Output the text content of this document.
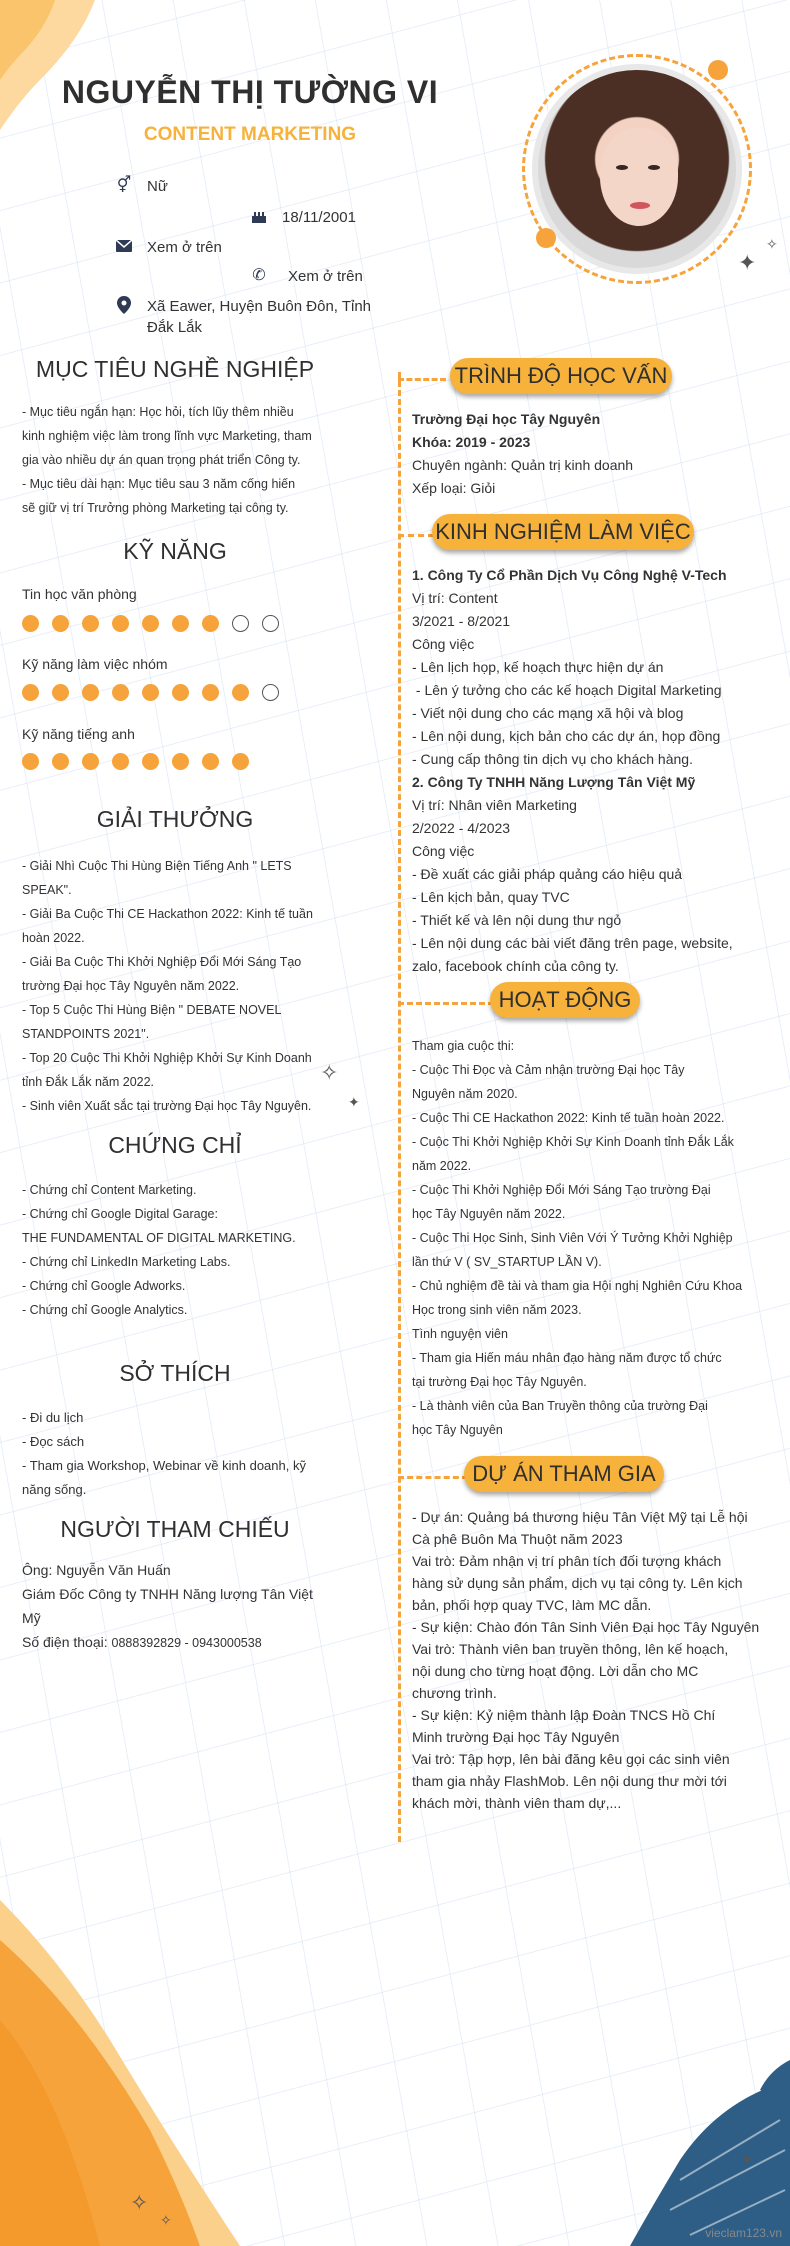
✦
✧
✧
✦
✦
✧
✧
NGUYỄN THỊ TƯỜNG VI
CONTENT MARKETING
⚥ Nữ
18/11/2001
Xem ở trên
✆ Xem ở trên
Xã Eawer, Huyện Buôn Đôn, Tỉnh Đắk Lắk
MỤC TIÊU NGHỀ NGHIỆP
- Mục tiêu ngắn hạn: Học hỏi, tích lũy thêm nhiều
kinh nghiệm việc làm trong lĩnh vực Marketing, tham
gia vào nhiều dự án quan trọng phát triển Công ty.
- Mục tiêu dài hạn: Mục tiêu sau 3 năm cống hiến
sẽ giữ vị trí Trưởng phòng Marketing tại công ty.
KỸ NĂNG
Tin học văn phòng
Kỹ năng làm việc nhóm
Kỹ năng tiếng anh
GIẢI THƯỞNG
- Giải Nhì Cuộc Thi Hùng Biện Tiếng Anh " LETS
SPEAK".
- Giải Ba Cuộc Thi CE Hackathon 2022: Kinh tế tuần
hoàn 2022.
- Giải Ba Cuộc Thi Khởi Nghiệp Đổi Mới Sáng Tạo
trường Đại học Tây Nguyên năm 2022.
- Top 5 Cuộc Thi Hùng Biện " DEBATE NOVEL
STANDPOINTS 2021".
- Top 20 Cuộc Thi Khởi Nghiệp Khởi Sự Kinh Doanh
tỉnh Đắk Lắk năm 2022.
- Sinh viên Xuất sắc tại trường Đại học Tây Nguyên.
CHỨNG CHỈ
- Chứng chỉ Content Marketing.
- Chứng chỉ Google Digital Garage:
THE FUNDAMENTAL OF DIGITAL MARKETING.
- Chứng chỉ LinkedIn Marketing Labs.
- Chứng chỉ Google Adworks.
- Chứng chỉ Google Analytics.
SỞ THÍCH
- Đi du lịch
- Đọc sách
- Tham gia Workshop, Webinar về kinh doanh, kỹ
năng sống.
NGƯỜI THAM CHIẾU
Ông: Nguyễn Văn Huấn
Giám Đốc Công ty TNHH Năng lượng Tân Việt
Mỹ
Số điện thoại: 0888392829 - 0943000538
TRÌNH ĐỘ HỌC VẤN
Trường Đại học Tây Nguyên
Khóa: 2019 - 2023
Chuyên ngành: Quản trị kinh doanh
Xếp loại: Giỏi
KINH NGHIỆM LÀM VIỆC
1. Công Ty Cổ Phần Dịch Vụ Công Nghệ V-Tech
Vị trí: Content
3/2021 - 8/2021
Công việc
- Lên lịch họp, kế hoạch thực hiện dự án
- Lên ý tưởng cho các kế hoạch Digital Marketing
- Viết nội dung cho các mạng xã hội và blog
- Lên nội dung, kịch bản cho các dự án, họp đồng
- Cung cấp thông tin dịch vụ cho khách hàng.
2. Công Ty TNHH Năng Lượng Tân Việt Mỹ
Vị trí: Nhân viên Marketing
2/2022 - 4/2023
Công việc
- Đề xuất các giải pháp quảng cáo hiệu quả
- Lên kịch bản, quay TVC
- Thiết kế và lên nội dung thư ngỏ
- Lên nội dung các bài viết đăng trên page, website,
zalo, facebook chính của công ty.
HOẠT ĐỘNG
Tham gia cuộc thi:
- Cuộc Thi Đọc và Cảm nhận trường Đại học Tây
Nguyên năm 2020.
- Cuộc Thi CE Hackathon 2022: Kinh tế tuần hoàn 2022.
- Cuộc Thi Khởi Nghiệp Khởi Sự Kinh Doanh tỉnh Đắk Lắk
năm 2022.
- Cuộc Thi Khởi Nghiệp Đổi Mới Sáng Tạo trường Đại
học Tây Nguyên năm 2022.
- Cuộc Thi Học Sinh, Sinh Viên Với Ý Tưởng Khởi Nghiệp
lần thứ V ( SV_STARTUP LẦN V).
- Chủ nghiệm đề tài và tham gia Hội nghị Nghiên Cứu Khoa
Học trong sinh viên năm 2023.
Tình nguyện viên
- Tham gia Hiến máu nhân đạo hàng năm được tổ chức
tại trường Đại học Tây Nguyên.
- Là thành viên của Ban Truyền thông của trường Đại
học Tây Nguyên
DỰ ÁN THAM GIA
- Dự án: Quảng bá thương hiệu Tân Việt Mỹ tại Lễ hội
Cà phê Buôn Ma Thuột năm 2023
Vai trò: Đảm nhận vị trí phân tích đối tượng khách
hàng sử dụng sản phẩm, dịch vụ tại công ty. Lên kịch
bản, phối hợp quay TVC, làm MC dẫn.
- Sự kiện: Chào đón Tân Sinh Viên Đại học Tây Nguyên
Vai trò: Thành viên ban truyền thông, lên kế hoạch,
nội dung cho từng hoạt động. Lời dẫn cho MC
chương trình.
- Sự kiện: Kỷ niệm thành lập Đoàn TNCS Hồ Chí
Minh trường Đại học Tây Nguyên
Vai trò: Tập hợp, lên bài đăng kêu gọi các sinh viên
tham gia nhảy FlashMob. Lên nội dung thư mời tới
khách mời, thành viên tham dự,...
vieclam123.vn
